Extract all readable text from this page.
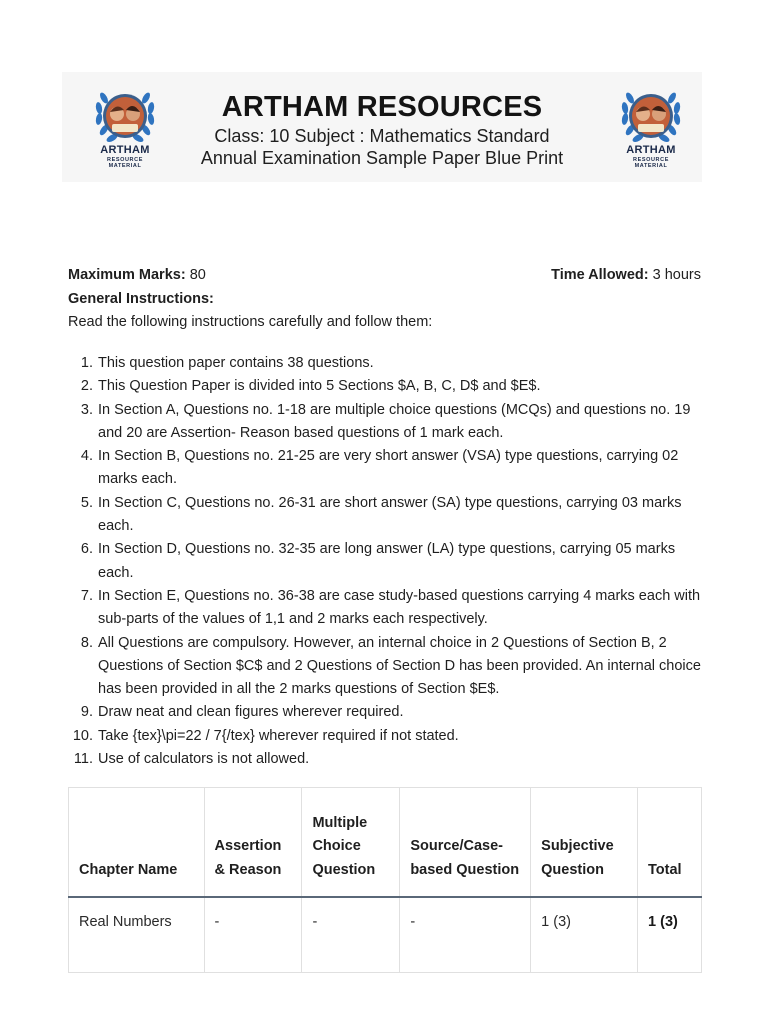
ARTHAM
RESOURCE MATERIAL
ARTHAM RESOURCES
Class: 10 Subject : Mathematics Standard
Annual Examination Sample Paper Blue Print	ARTHAM
RESOURCE MATERIAL
Maximum Marks: 80	Time Allowed: 3 hours
General Instructions:
Read the following instructions carefully and follow them:
1. This question paper contains 38 questions.
2. This Question Paper is divided into 5 Sections $A, B, C, D$ and $E$.
3. In Section A, Questions no. 1-18 are multiple choice questions (MCQs) and questions no. 19 and 20 are Assertion- Reason based questions of 1 mark each.
4. In Section B, Questions no. 21-25 are very short answer (VSA) type questions, carrying 02 marks each.
5. In Section C, Questions no. 26-31 are short answer (SA) type questions, carrying 03 marks each.
6. In Section D, Questions no. 32-35 are long answer (LA) type questions, carrying 05 marks each.
7. In Section E, Questions no. 36-38 are case study-based questions carrying 4 marks each with sub-parts of the values of 1,1 and 2 marks each respectively.
8. All Questions are compulsory. However, an internal choice in 2 Questions of Section B, 2 Questions of Section $C$ and 2 Questions of Section D has been provided. An internal choice has been provided in all the 2 marks questions of Section $E$.
9. Draw neat and clean figures wherever required.
10. Take {tex}\pi=22 / 7{/tex} wherever required if not stated.
11. Use of calculators is not allowed.
Chapter Name	Assertion & Reason	Multiple Choice Question	Source/Case-based Question	Subjective Question	Total
Real Numbers	-	-	-	1 (3)	1 (3)
